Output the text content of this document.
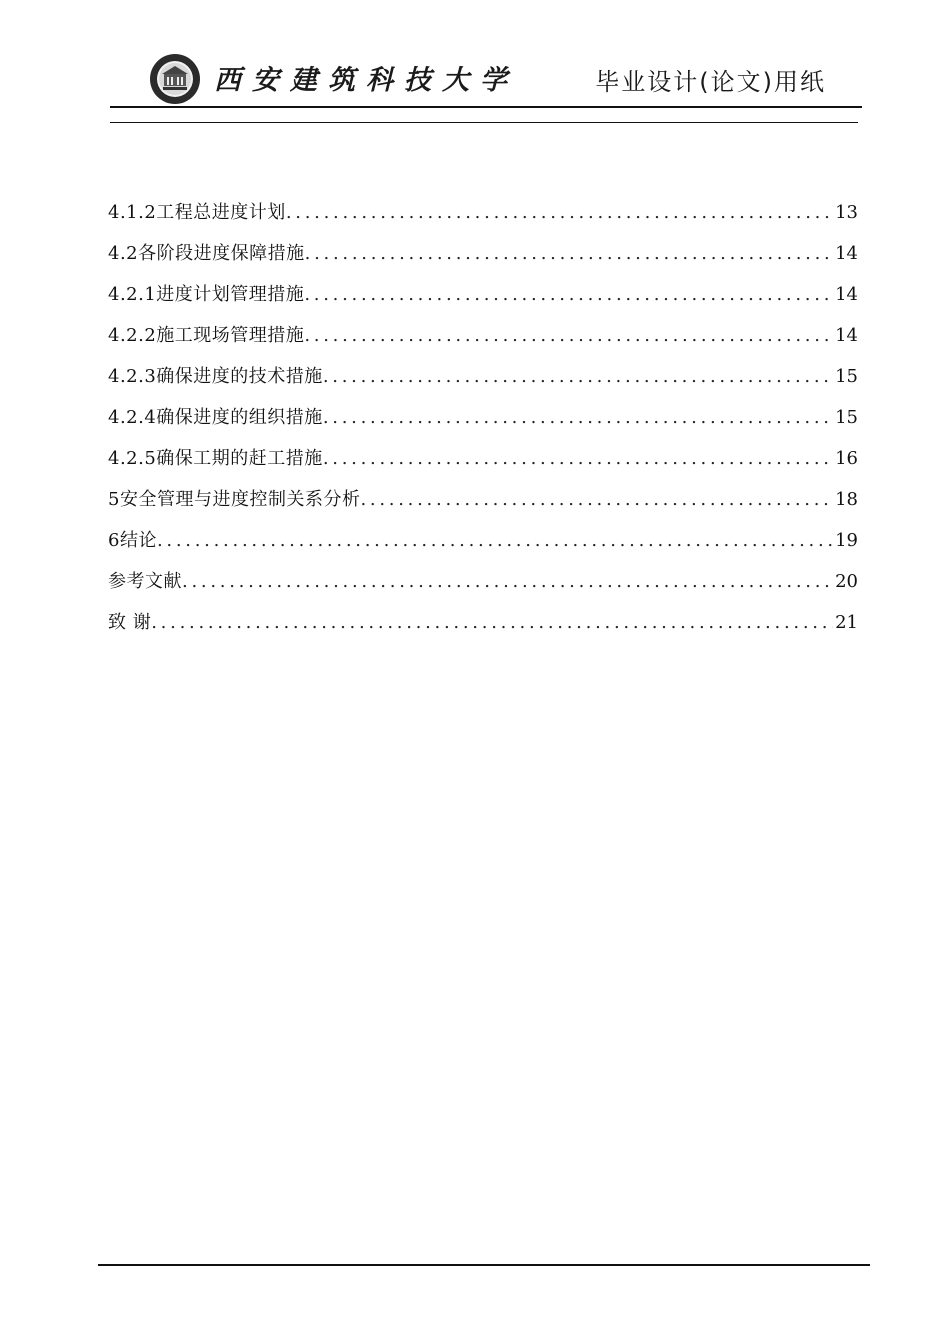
西安建筑科技大学	毕业设计(论文)用纸
4.1.2工程总进度计划 . . .	13
4.2各阶段进度保障措施 . . .	14
4.2.1进度计划管理措施 . . .	14
4.2.2施工现场管理措施 . . .	14
4.2.3确保进度的技术措施 . . .	15
4.2.4确保进度的组织措施 . . .	15
4.2.5确保工期的赶工措施 . . .	16
5安全管理与进度控制关系分析 . . .	18
6结论 . . .	19
参考文献 . . .	20
致 谢 . . .	21
